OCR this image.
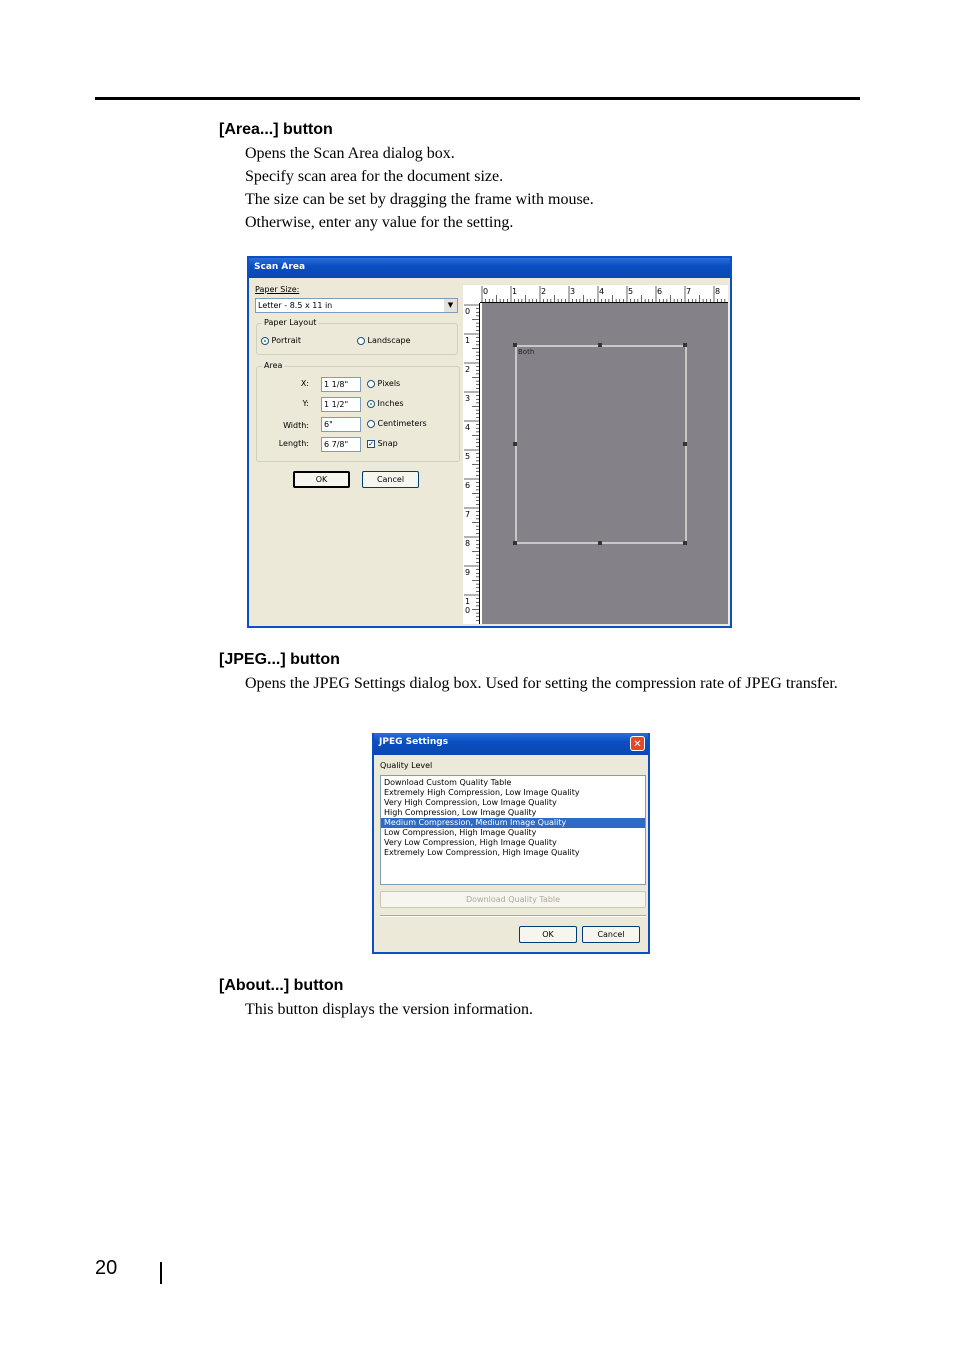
[Area...] button
Opens the Scan Area dialog box.
Specify scan area for the document size.
The size can be set by dragging the frame with mouse.
Otherwise, enter any value for the setting.
Scan Area
Paper Size:
Letter - 8.5 x 11 in	▼
Paper Layout
Portrait	Landscape
Area
X:	1 1/8"
Y:	1 1/2"
Width:	6"
Length:	6 7/8"
Pixels
Inches
Centimeters
✓ Snap
OK	Cancel
0	1	2	3	4	5	6	7	8
0
1
2
3
4
5
6
7
8
9
1
0
Both
[JPEG...] button
Opens the JPEG Settings dialog box. Used for setting the compression rate of JPEG transfer.
JPEG Settings	✕
Quality Level
Download Custom Quality Table
Extremely High Compression, Low Image Quality
Very High Compression, Low Image Quality
High Compression, Low Image Quality
Medium Compression, Medium Image Quality
Low Compression, High Image Quality
Very Low Compression, High Image Quality
Extremely Low Compression, High Image Quality
Download Quality Table
OK	Cancel
[About...] button
This button displays the version information.
20
